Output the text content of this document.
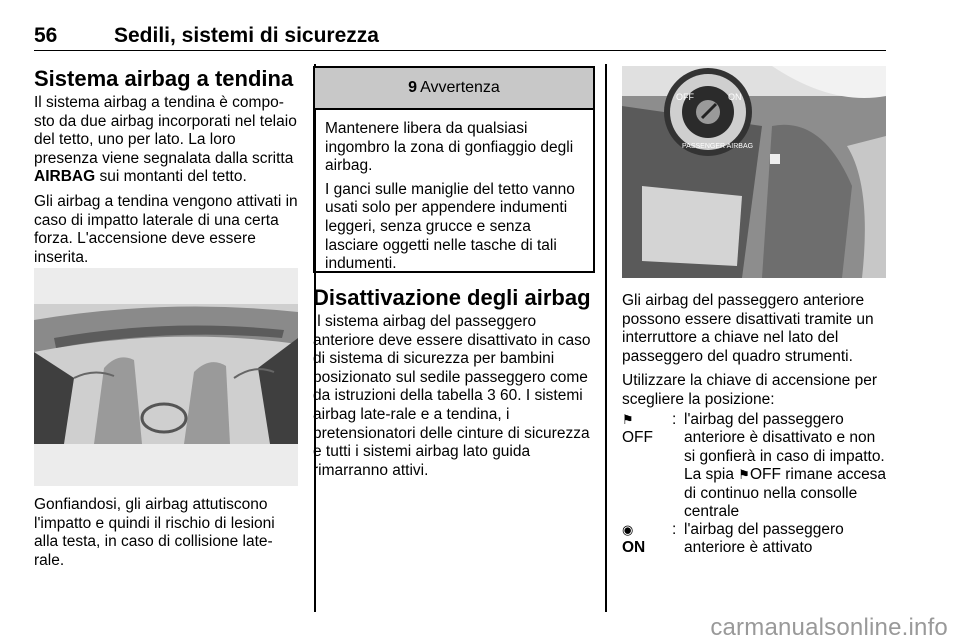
56	Sedili, sistemi di sicurezza
Sistema airbag a tendina

Il sistema airbag a tendina è compo-sto da due airbag incorporati nel telaio del tetto, uno per lato. La loro presenza viene segnalata dalla scritta AIRBAG sui montanti del tetto.

Gli airbag a tendina vengono attivati in caso di impatto laterale di una certa forza. L'accensione deve essere inserita.

Gonfiandosi, gli airbag attutiscono l'impatto e quindi il rischio di lesioni alla testa, in caso di collisione late-rale.

9 Avvertenza

Mantenere libera da qualsiasi ingombro la zona di gonfiaggio degli airbag.

I ganci sulle maniglie del tetto vanno usati solo per appendere indumenti leggeri, senza grucce e senza lasciare oggetti nelle tasche di tali indumenti.

Disattivazione degli airbag

Il sistema airbag del passeggero anteriore deve essere disattivato in caso di sistema di sicurezza per bambini posizionato sul sedile passeggero come da istruzioni della tabella 3 60. I sistemi airbag late-rale e a tendina, i pretensionatori delle cinture di sicurezza e tutti i sistemi airbag lato guida rimarranno attivi.

OFF	ON
PASSENGER AIRBAG

Gli airbag del passeggero anteriore possono essere disattivati tramite un interruttore a chiave nel lato del passeggero del quadro strumenti.

Utilizzare la chiave di accensione per scegliere la posizione:

⚑
OFF
: l'airbag del passeggero anteriore è disattivato e non si gonfierà in caso di impatto. La spia ⚑OFF rimane accesa di continuo nella consolle centrale
◉
ON
: l'airbag del passeggero anteriore è attivato
carmanualsonline.info
